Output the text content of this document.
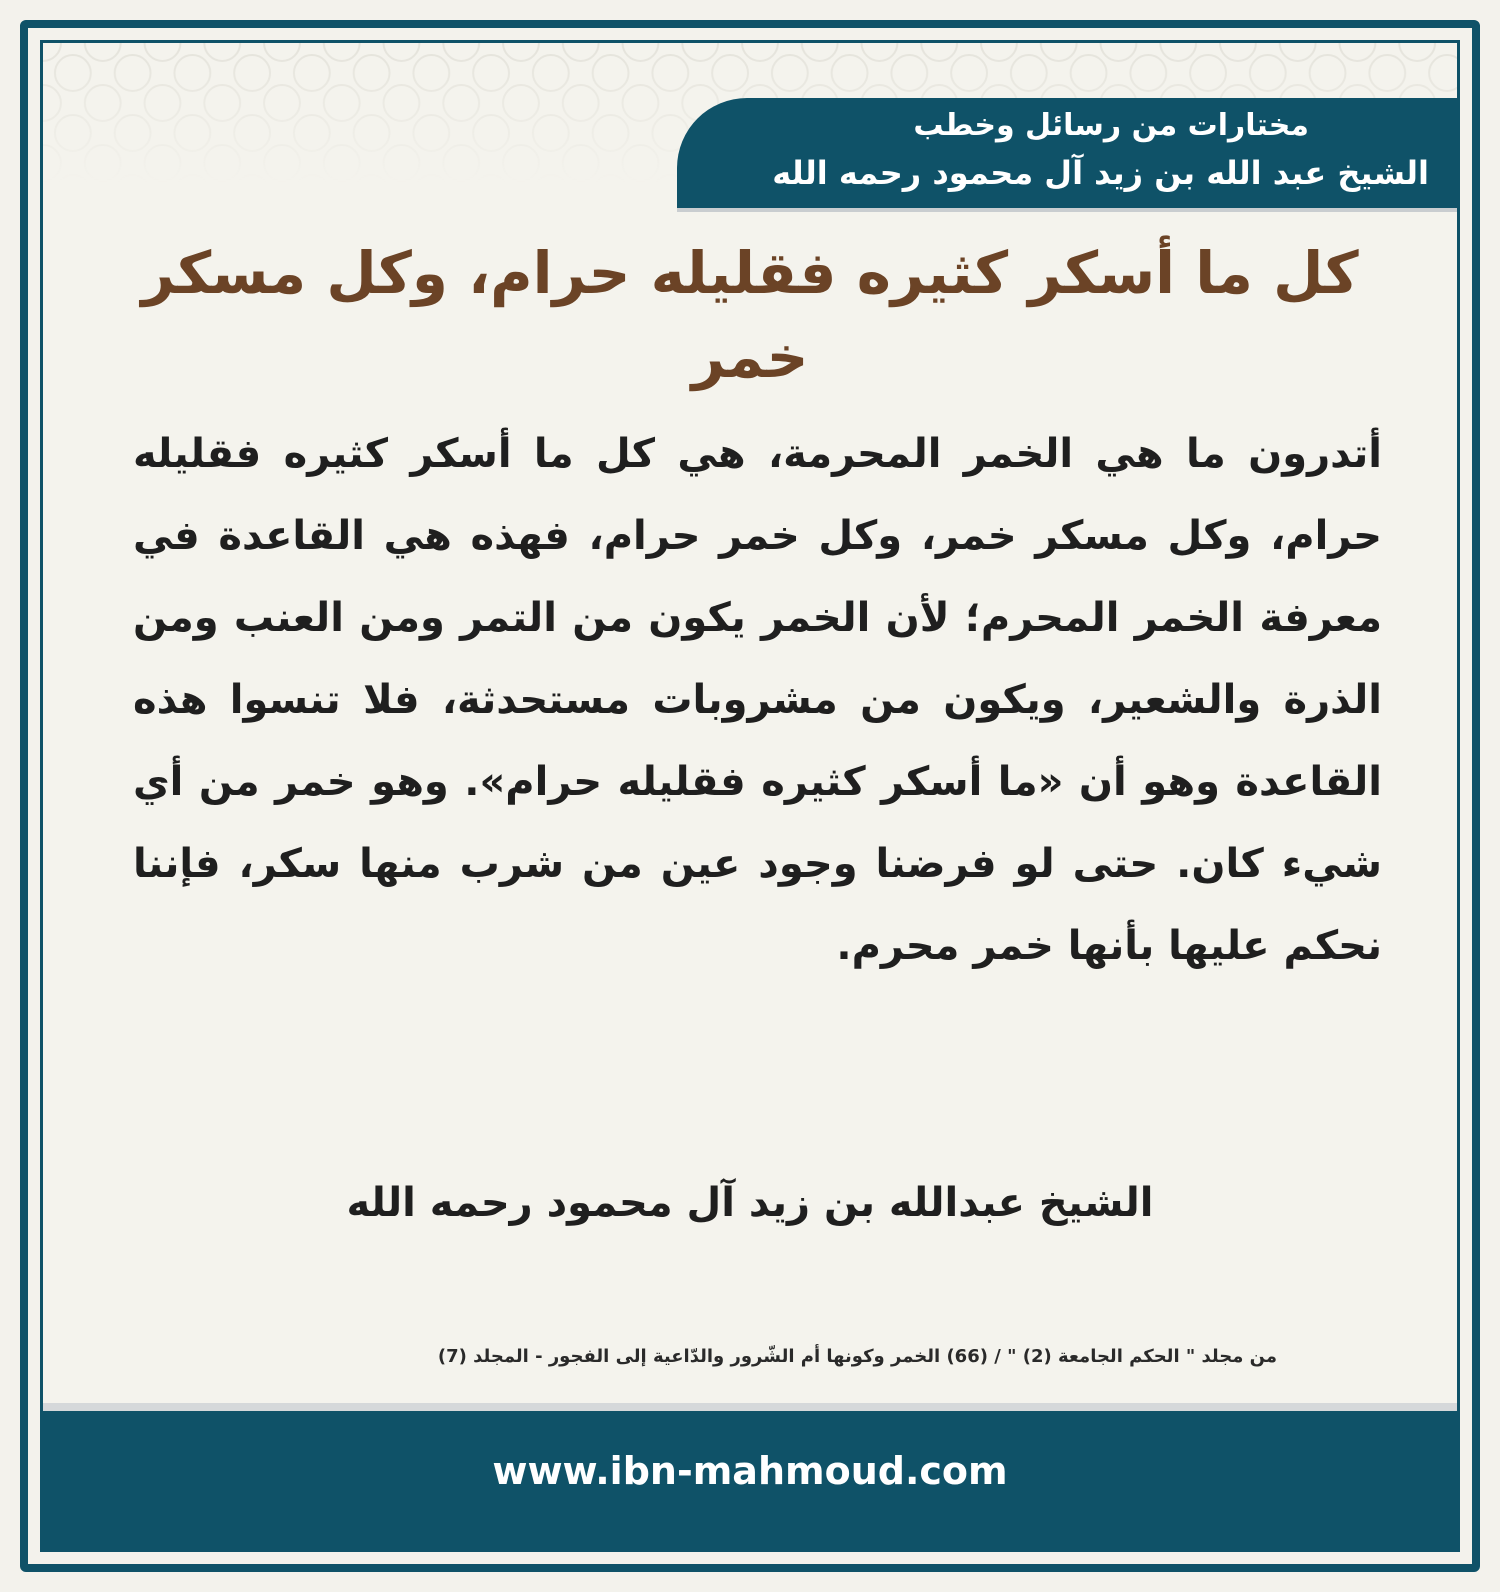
مختارات من رسائل وخطب
الشيخ عبد الله بن زيد آل محمود رحمه الله
كل ما أسكر كثيره فقليله حرام، وكل مسكر خمر
أتدرون ما هي الخمر المحرمة، هي كل ما أسكر كثيره فقليله حرام، وكل مسكر خمر، وكل خمر حرام، فهذه هي القاعدة في معرفة الخمر المحرم؛ لأن الخمر يكون من التمر ومن العنب ومن الذرة والشعير، ويكون من مشروبات مستحدثة، فلا تنسوا هذه القاعدة وهو أن «ما أسكر كثيره فقليله حرام». وهو خمر من أي شيء كان. حتى لو فرضنا وجود عين من شرب منها سكر، فإننا نحكم عليها بأنها خمر محرم.
الشيخ عبدالله بن زيد آل محمود رحمه الله
من مجلد " الحكم الجامعة (2) " / (66) الخمر وكونها أم الشّرور والدّاعية إلى الفجور - المجلد (7)
www.ibn-mahmoud.com
